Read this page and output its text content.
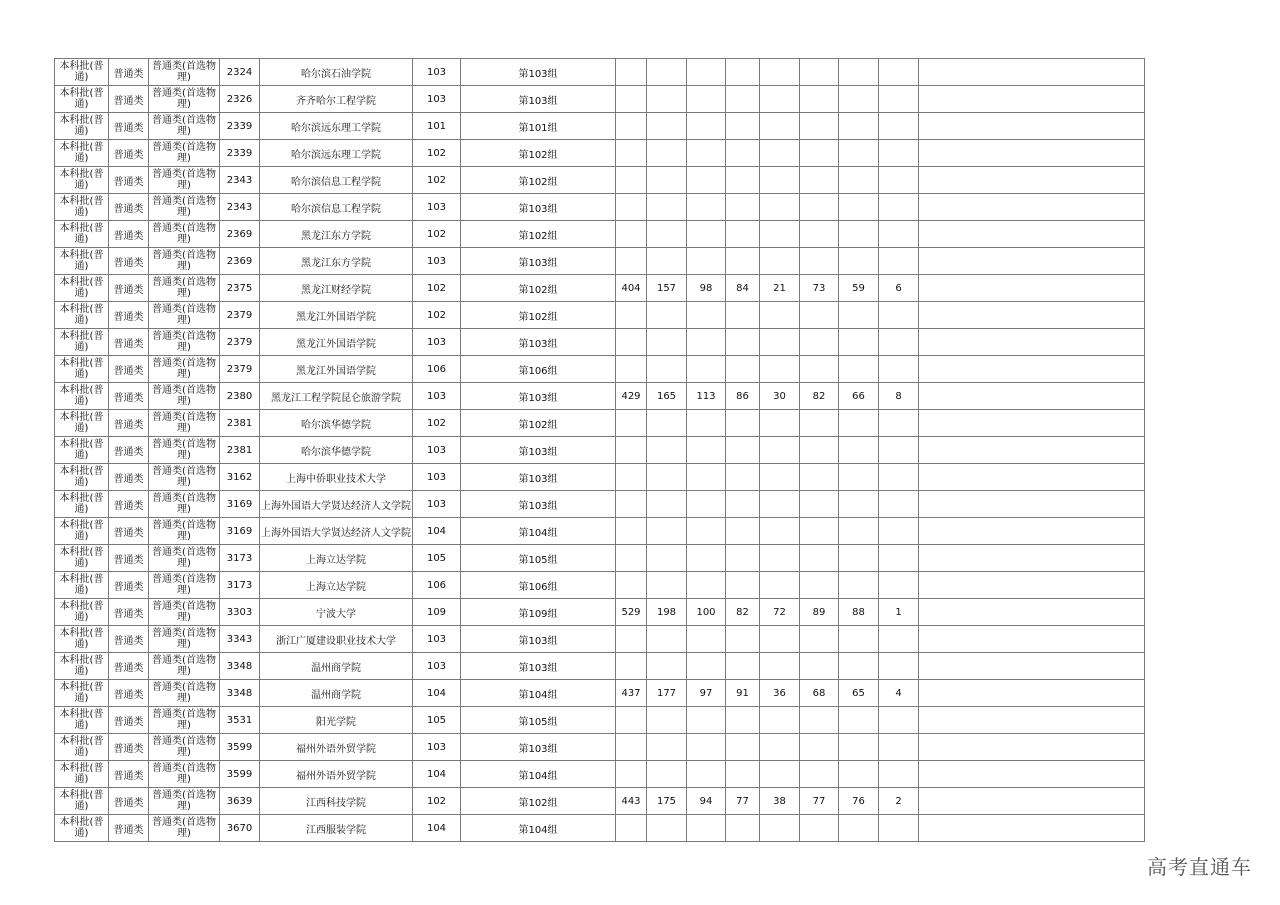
本科批(普通)	普通类	普通类(首选物理)	2324	哈尔滨石油学院	103	第103组									
本科批(普通)	普通类	普通类(首选物理)	2326	齐齐哈尔工程学院	103	第103组									
本科批(普通)	普通类	普通类(首选物理)	2339	哈尔滨远东理工学院	101	第101组									
本科批(普通)	普通类	普通类(首选物理)	2339	哈尔滨远东理工学院	102	第102组									
本科批(普通)	普通类	普通类(首选物理)	2343	哈尔滨信息工程学院	102	第102组									
本科批(普通)	普通类	普通类(首选物理)	2343	哈尔滨信息工程学院	103	第103组									
本科批(普通)	普通类	普通类(首选物理)	2369	黑龙江东方学院	102	第102组									
本科批(普通)	普通类	普通类(首选物理)	2369	黑龙江东方学院	103	第103组									
本科批(普通)	普通类	普通类(首选物理)	2375	黑龙江财经学院	102	第102组	404	157	98	84	21	73	59	6	
本科批(普通)	普通类	普通类(首选物理)	2379	黑龙江外国语学院	102	第102组									
本科批(普通)	普通类	普通类(首选物理)	2379	黑龙江外国语学院	103	第103组									
本科批(普通)	普通类	普通类(首选物理)	2379	黑龙江外国语学院	106	第106组									
本科批(普通)	普通类	普通类(首选物理)	2380	黑龙江工程学院昆仑旅游学院	103	第103组	429	165	113	86	30	82	66	8	
本科批(普通)	普通类	普通类(首选物理)	2381	哈尔滨华德学院	102	第102组									
本科批(普通)	普通类	普通类(首选物理)	2381	哈尔滨华德学院	103	第103组									
本科批(普通)	普通类	普通类(首选物理)	3162	上海中侨职业技术大学	103	第103组									
本科批(普通)	普通类	普通类(首选物理)	3169	上海外国语大学贤达经济人文学院	103	第103组									
本科批(普通)	普通类	普通类(首选物理)	3169	上海外国语大学贤达经济人文学院	104	第104组									
本科批(普通)	普通类	普通类(首选物理)	3173	上海立达学院	105	第105组									
本科批(普通)	普通类	普通类(首选物理)	3173	上海立达学院	106	第106组									
本科批(普通)	普通类	普通类(首选物理)	3303	宁波大学	109	第109组	529	198	100	82	72	89	88	1	
本科批(普通)	普通类	普通类(首选物理)	3343	浙江广厦建设职业技术大学	103	第103组									
本科批(普通)	普通类	普通类(首选物理)	3348	温州商学院	103	第103组									
本科批(普通)	普通类	普通类(首选物理)	3348	温州商学院	104	第104组	437	177	97	91	36	68	65	4	
本科批(普通)	普通类	普通类(首选物理)	3531	阳光学院	105	第105组									
本科批(普通)	普通类	普通类(首选物理)	3599	福州外语外贸学院	103	第103组									
本科批(普通)	普通类	普通类(首选物理)	3599	福州外语外贸学院	104	第104组									
本科批(普通)	普通类	普通类(首选物理)	3639	江西科技学院	102	第102组	443	175	94	77	38	77	76	2	
本科批(普通)	普通类	普通类(首选物理)	3670	江西服装学院	104	第104组									
高考直通车
